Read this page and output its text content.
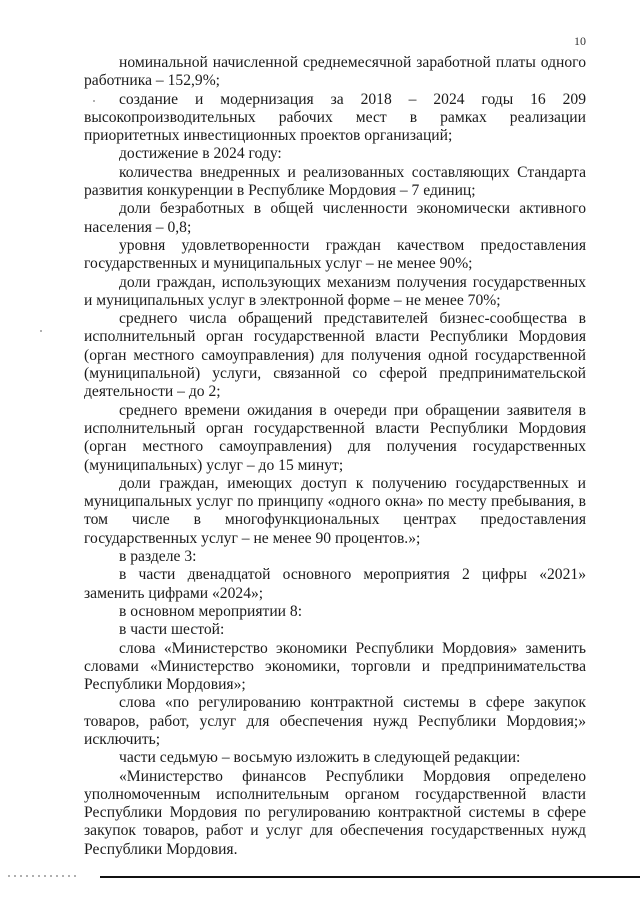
10

номинальной начисленной среднемесячной заработной платы одного работника – 152,9%;

создание и модернизация за 2018 – 2024 годы 16 209 высокопроизводительных рабочих мест в рамках реализации приоритетных инвестиционных проектов организаций;

достижение в 2024 году:

количества внедренных и реализованных составляющих Стандарта развития конкуренции в Республике Мордовия – 7 единиц;

доли безработных в общей численности экономически активного населения – 0,8;

уровня удовлетворенности граждан качеством предоставления государственных и муниципальных услуг – не менее 90%;

доли граждан, использующих механизм получения государственных и муниципальных услуг в электронной форме – не менее 70%;

среднего числа обращений представителей бизнес-сообщества в исполнительный орган государственной власти Республики Мордовия (орган местного самоуправления) для получения одной государственной (муниципальной) услуги, связанной со сферой предпринимательской деятельности – до 2;

среднего времени ожидания в очереди при обращении заявителя в исполнительный орган государственной власти Республики Мордовия (орган местного самоуправления) для получения государственных (муниципальных) услуг – до 15 минут;

доли граждан, имеющих доступ к получению государственных и муниципальных услуг по принципу «одного окна» по месту пребывания, в том числе в многофункциональных центрах предоставления государственных услуг – не менее 90 процентов.»;

в разделе 3:

в части двенадцатой основного мероприятия 2 цифры «2021» заменить цифрами «2024»;

в основном мероприятии 8:

в части шестой:

слова «Министерство экономики Республики Мордовия» заменить словами «Министерство экономики, торговли и предпринимательства Республики Мордовия»;

слова «по регулированию контрактной системы в сфере закупок товаров, работ, услуг для обеспечения нужд Республики Мордовия;» исключить;

части седьмую – восьмую изложить в следующей редакции:

«Министерство финансов Республики Мордовия определено уполномоченным исполнительным органом государственной власти Республики Мордовия по регулированию контрактной системы в сфере закупок товаров, работ и услуг для обеспечения государственных нужд Республики Мордовия.
